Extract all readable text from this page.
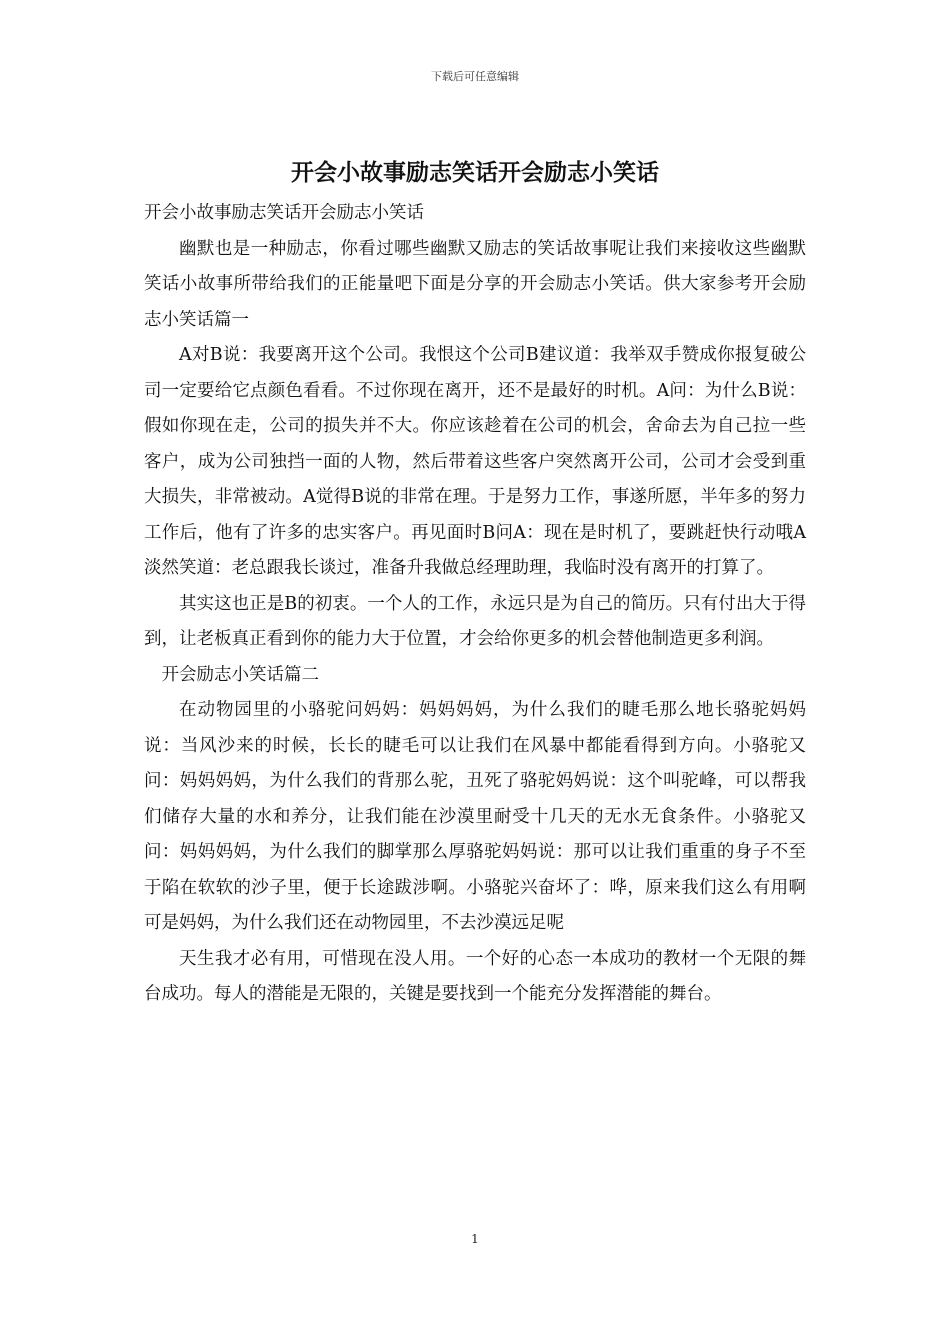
下载后可任意编辑
开会小故事励志笑话开会励志小笑话

开会小故事励志笑话开会励志小笑话

幽默也是一种励志，你看过哪些幽默又励志的笑话故事呢让我们来接收这些幽默笑话小故事所带给我们的正能量吧下面是分享的开会励志小笑话。供大家参考开会励志小笑话篇一

A对B说：我要离开这个公司。我恨这个公司B建议道：我举双手赞成你报复破公司一定要给它点颜色看看。不过你现在离开，还不是最好的时机。A问：为什么B说：假如你现在走，公司的损失并不大。你应该趁着在公司的机会，舍命去为自己拉一些客户，成为公司独挡一面的人物，然后带着这些客户突然离开公司，公司才会受到重大损失，非常被动。A觉得B说的非常在理。于是努力工作，事遂所愿，半年多的努力工作后，他有了许多的忠实客户。再见面时B问A：现在是时机了，要跳赶快行动哦A淡然笑道：老总跟我长谈过，准备升我做总经理助理，我临时没有离开的打算了。

其实这也正是B的初衷。一个人的工作，永远只是为自己的简历。只有付出大于得到，让老板真正看到你的能力大于位置，才会给你更多的机会替他制造更多利润。

开会励志小笑话篇二

在动物园里的小骆驼问妈妈：妈妈妈妈，为什么我们的睫毛那么地长骆驼妈妈说：当风沙来的时候，长长的睫毛可以让我们在风暴中都能看得到方向。小骆驼又问：妈妈妈妈，为什么我们的背那么驼，丑死了骆驼妈妈说：这个叫驼峰，可以帮我们储存大量的水和养分，让我们能在沙漠里耐受十几天的无水无食条件。小骆驼又问：妈妈妈妈，为什么我们的脚掌那么厚骆驼妈妈说：那可以让我们重重的身子不至于陷在软软的沙子里，便于长途跋涉啊。小骆驼兴奋坏了：哗，原来我们这么有用啊可是妈妈，为什么我们还在动物园里，不去沙漠远足呢

天生我才必有用，可惜现在没人用。一个好的心态一本成功的教材一个无限的舞台成功。每人的潜能是无限的，关键是要找到一个能充分发挥潜能的舞台。

1
